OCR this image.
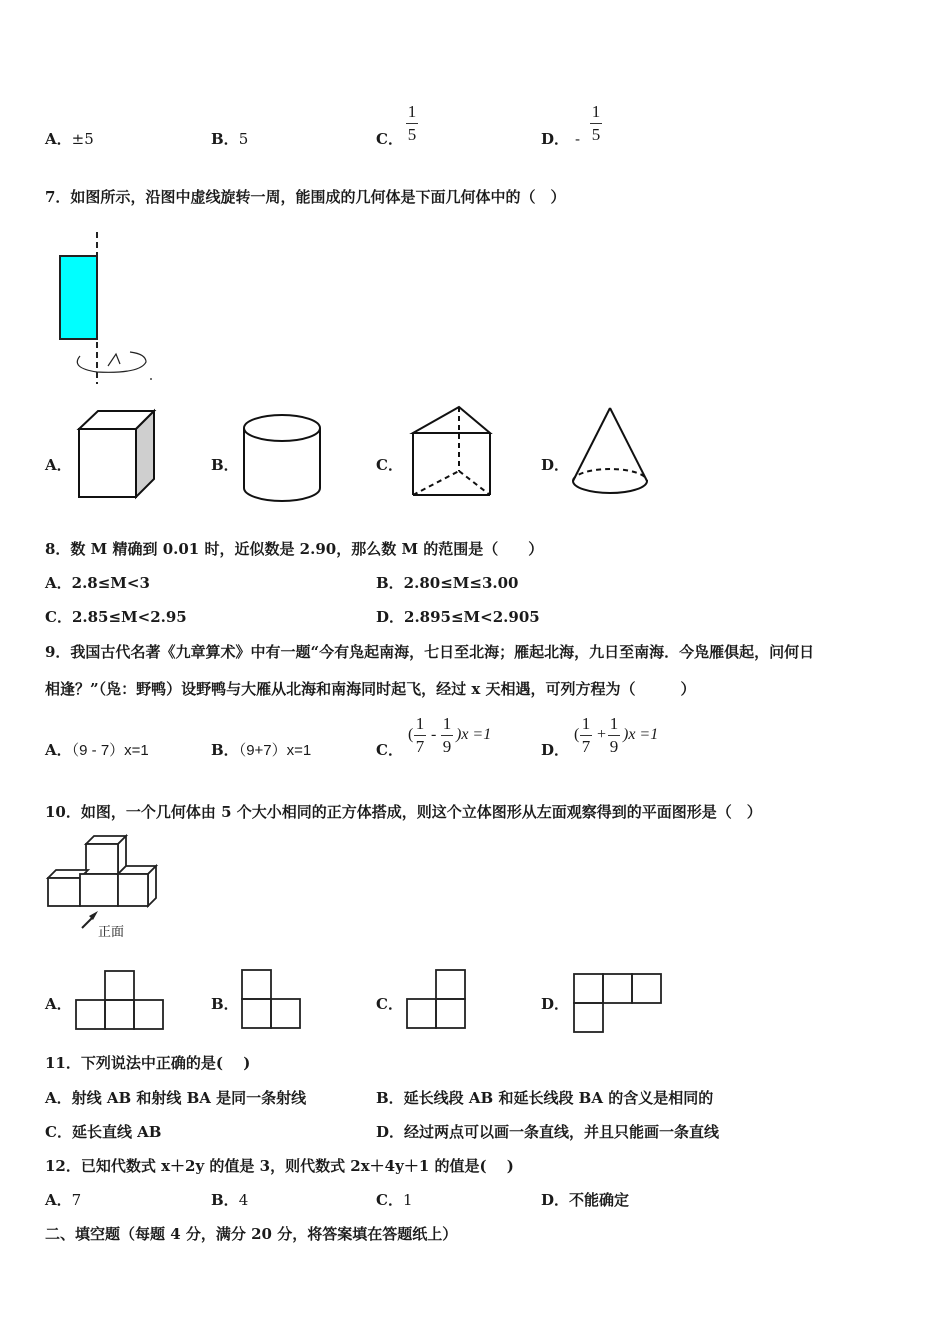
A．±5	B．5	C．
1
5	D． -
1
5
7．如图所示，沿图中虚线旋转一周，能围成的几何体是下面几何体中的（　）
A．	B．	C．	D．
8．数 M 精确到 0.01 时，近似数是 2.90，那么数 M 的范围是（　　）
A．2.8≤M<3	B．2.80≤M≤3.00
C．2.85≤M<2.95	D．2.895≤M<2.905
9．我国古代名著《九章算术》中有一题“今有凫起南海，七日至北海；雁起北海，九日至南海．今凫雁俱起，问何日
相逢？”（凫：野鸭）设野鸭与大雁从北海和南海同时起飞，经过 x 天相遇，可列方程为（　　　）
A．（9 - 7）x=1	B．（9+7）x=1	C．
(
1
7
-
1
9
)x =1
D．
(
1
7
+
1
9
)x =1
10．如图，一个几何体由 5 个大小相同的正方体搭成，则这个立体图形从左面观察得到的平面图形是（　）
正面
A．	B．	C．	D．
11．下列说法中正确的是(　 )
A．射线 AB 和射线 BA 是同一条射线	B．延长线段 AB 和延长线段 BA 的含义是相同的
C．延长直线 AB	D．经过两点可以画一条直线，并且只能画一条直线
12．已知代数式 x＋2y 的值是 3，则代数式 2x＋4y＋1 的值是(　 )
A．7	B．4	C．1	D．不能确定
二、填空题（每题 4 分，满分 20 分，将答案填在答题纸上）
